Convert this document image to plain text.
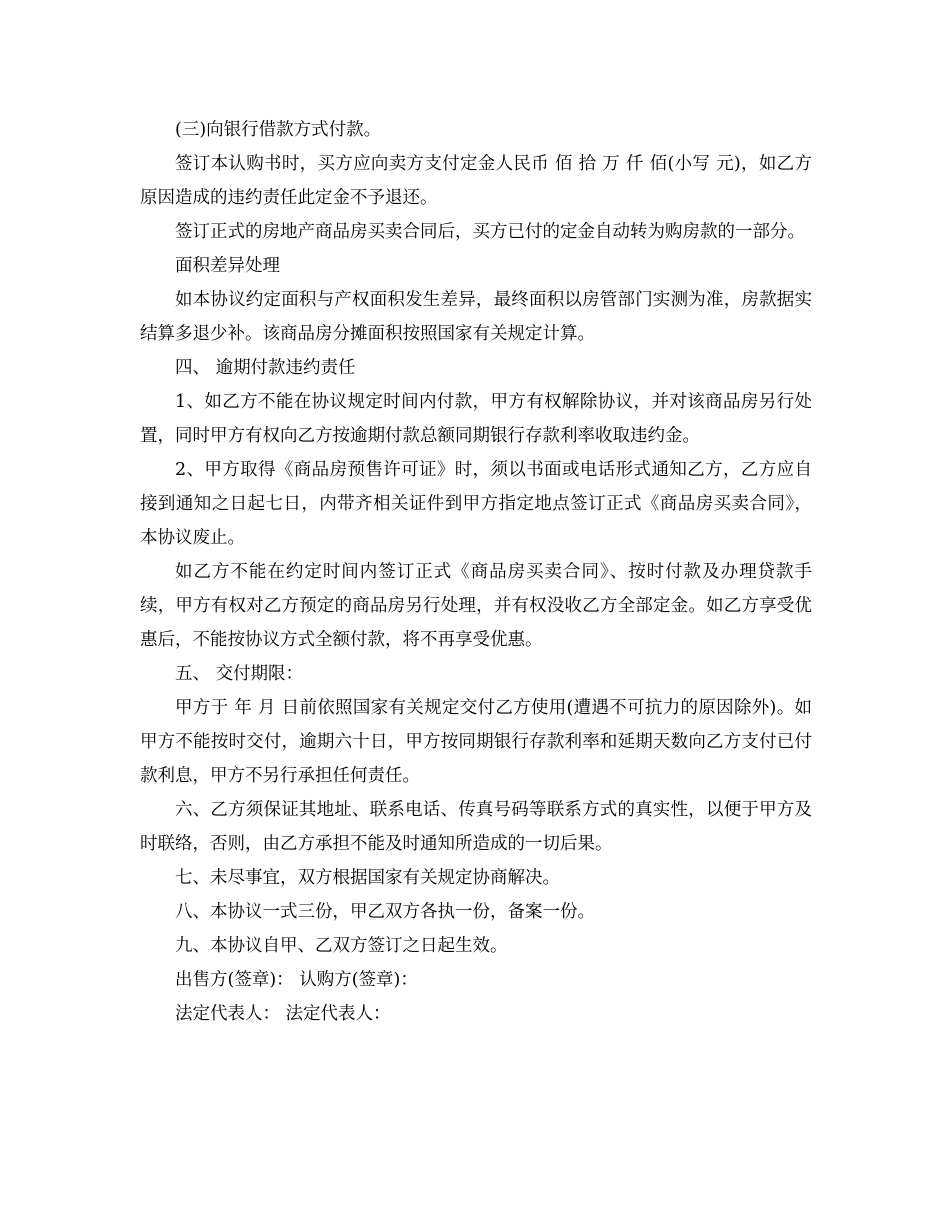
(三)向银行借款方式付款。

签订本认购书时，买方应向卖方支付定金人民币 佰 拾 万 仟 佰(小写 元)，如乙方原因造成的违约责任此定金不予退还。

签订正式的房地产商品房买卖合同后，买方已付的定金自动转为购房款的一部分。

面积差异处理

如本协议约定面积与产权面积发生差异，最终面积以房管部门实测为准，房款据实结算多退少补。该商品房分摊面积按照国家有关规定计算。

四、 逾期付款违约责任

1、如乙方不能在协议规定时间内付款，甲方有权解除协议，并对该商品房另行处置，同时甲方有权向乙方按逾期付款总额同期银行存款利率收取违约金。

2、甲方取得《商品房预售许可证》时，须以书面或电话形式通知乙方，乙方应自接到通知之日起七日，内带齐相关证件到甲方指定地点签订正式《商品房买卖合同》，本协议废止。

如乙方不能在约定时间内签订正式《商品房买卖合同》、按时付款及办理贷款手续，甲方有权对乙方预定的商品房另行处理，并有权没收乙方全部定金。如乙方享受优惠后，不能按协议方式全额付款，将不再享受优惠。

五、 交付期限：

甲方于 年 月 日前依照国家有关规定交付乙方使用(遭遇不可抗力的原因除外)。如甲方不能按时交付，逾期六十日，甲方按同期银行存款利率和延期天数向乙方支付已付款利息，甲方不另行承担任何责任。

六、乙方须保证其地址、联系电话、传真号码等联系方式的真实性，以便于甲方及时联络，否则，由乙方承担不能及时通知所造成的一切后果。

七、未尽事宜，双方根据国家有关规定协商解决。

八、本协议一式三份，甲乙双方各执一份，备案一份。

九、本协议自甲、乙双方签订之日起生效。

出售方(签章)： 认购方(签章)：

法定代表人： 法定代表人：
